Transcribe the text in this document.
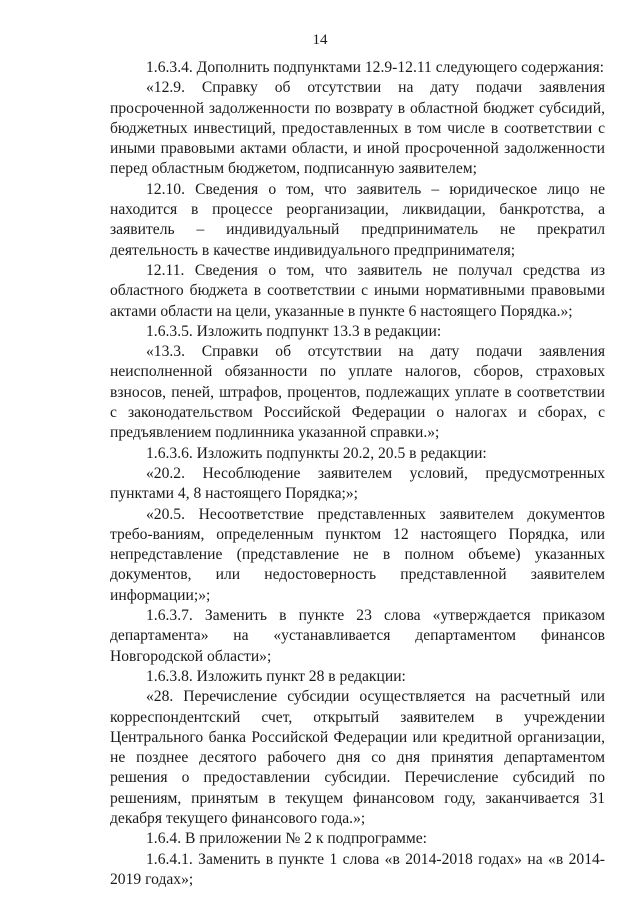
14

1.6.3.4. Дополнить подпунктами 12.9-12.11 следующего содержания:

«12.9. Справку об отсутствии на дату подачи заявления просроченной задолженности по возврату в областной бюджет субсидий, бюджетных инвестиций, предоставленных в том числе в соответствии с иными правовыми актами области, и иной просроченной задолженности перед областным бюджетом, подписанную заявителем;

12.10. Сведения о том, что заявитель – юридическое лицо не находится в процессе реорганизации, ликвидации, банкротства, а заявитель – индивидуальный предприниматель не прекратил деятельность в качестве индивидуального предпринимателя;

12.11. Сведения о том, что заявитель не получал средства из областного бюджета в соответствии с иными нормативными правовыми актами области на цели, указанные в пункте 6 настоящего Порядка.»;

1.6.3.5. Изложить подпункт 13.3 в редакции:

«13.3. Справки об отсутствии на дату подачи заявления неисполненной обязанности по уплате налогов, сборов, страховых взносов, пеней, штрафов, процентов, подлежащих уплате в соответствии с законодательством Российской Федерации о налогах и сборах, с предъявлением подлинника указанной справки.»;

1.6.3.6. Изложить подпункты 20.2, 20.5 в редакции:

«20.2. Несоблюдение заявителем условий, предусмотренных пунктами 4, 8 настоящего Порядка;»;

«20.5. Несоответствие представленных заявителем документов требо-ваниям, определенным пунктом 12 настоящего Порядка, или непредставление (представление не в полном объеме) указанных документов, или недостоверность представленной заявителем информации;»;

1.6.3.7. Заменить в пункте 23 слова «утверждается приказом департамента» на «устанавливается департаментом финансов Новгородской области»;

1.6.3.8. Изложить пункт 28 в редакции:

«28. Перечисление субсидии осуществляется на расчетный или корреспондентский счет, открытый заявителем в учреждении Центрального банка Российской Федерации или кредитной организации, не позднее десятого рабочего дня со дня принятия департаментом решения о предоставлении субсидии. Перечисление субсидий по решениям, принятым в текущем финансовом году, заканчивается 31 декабря текущего финансового года.»;

1.6.4. В приложении № 2 к подпрограмме:

1.6.4.1. Заменить в пункте 1 слова «в 2014-2018 годах» на «в 2014-2019 годах»;
